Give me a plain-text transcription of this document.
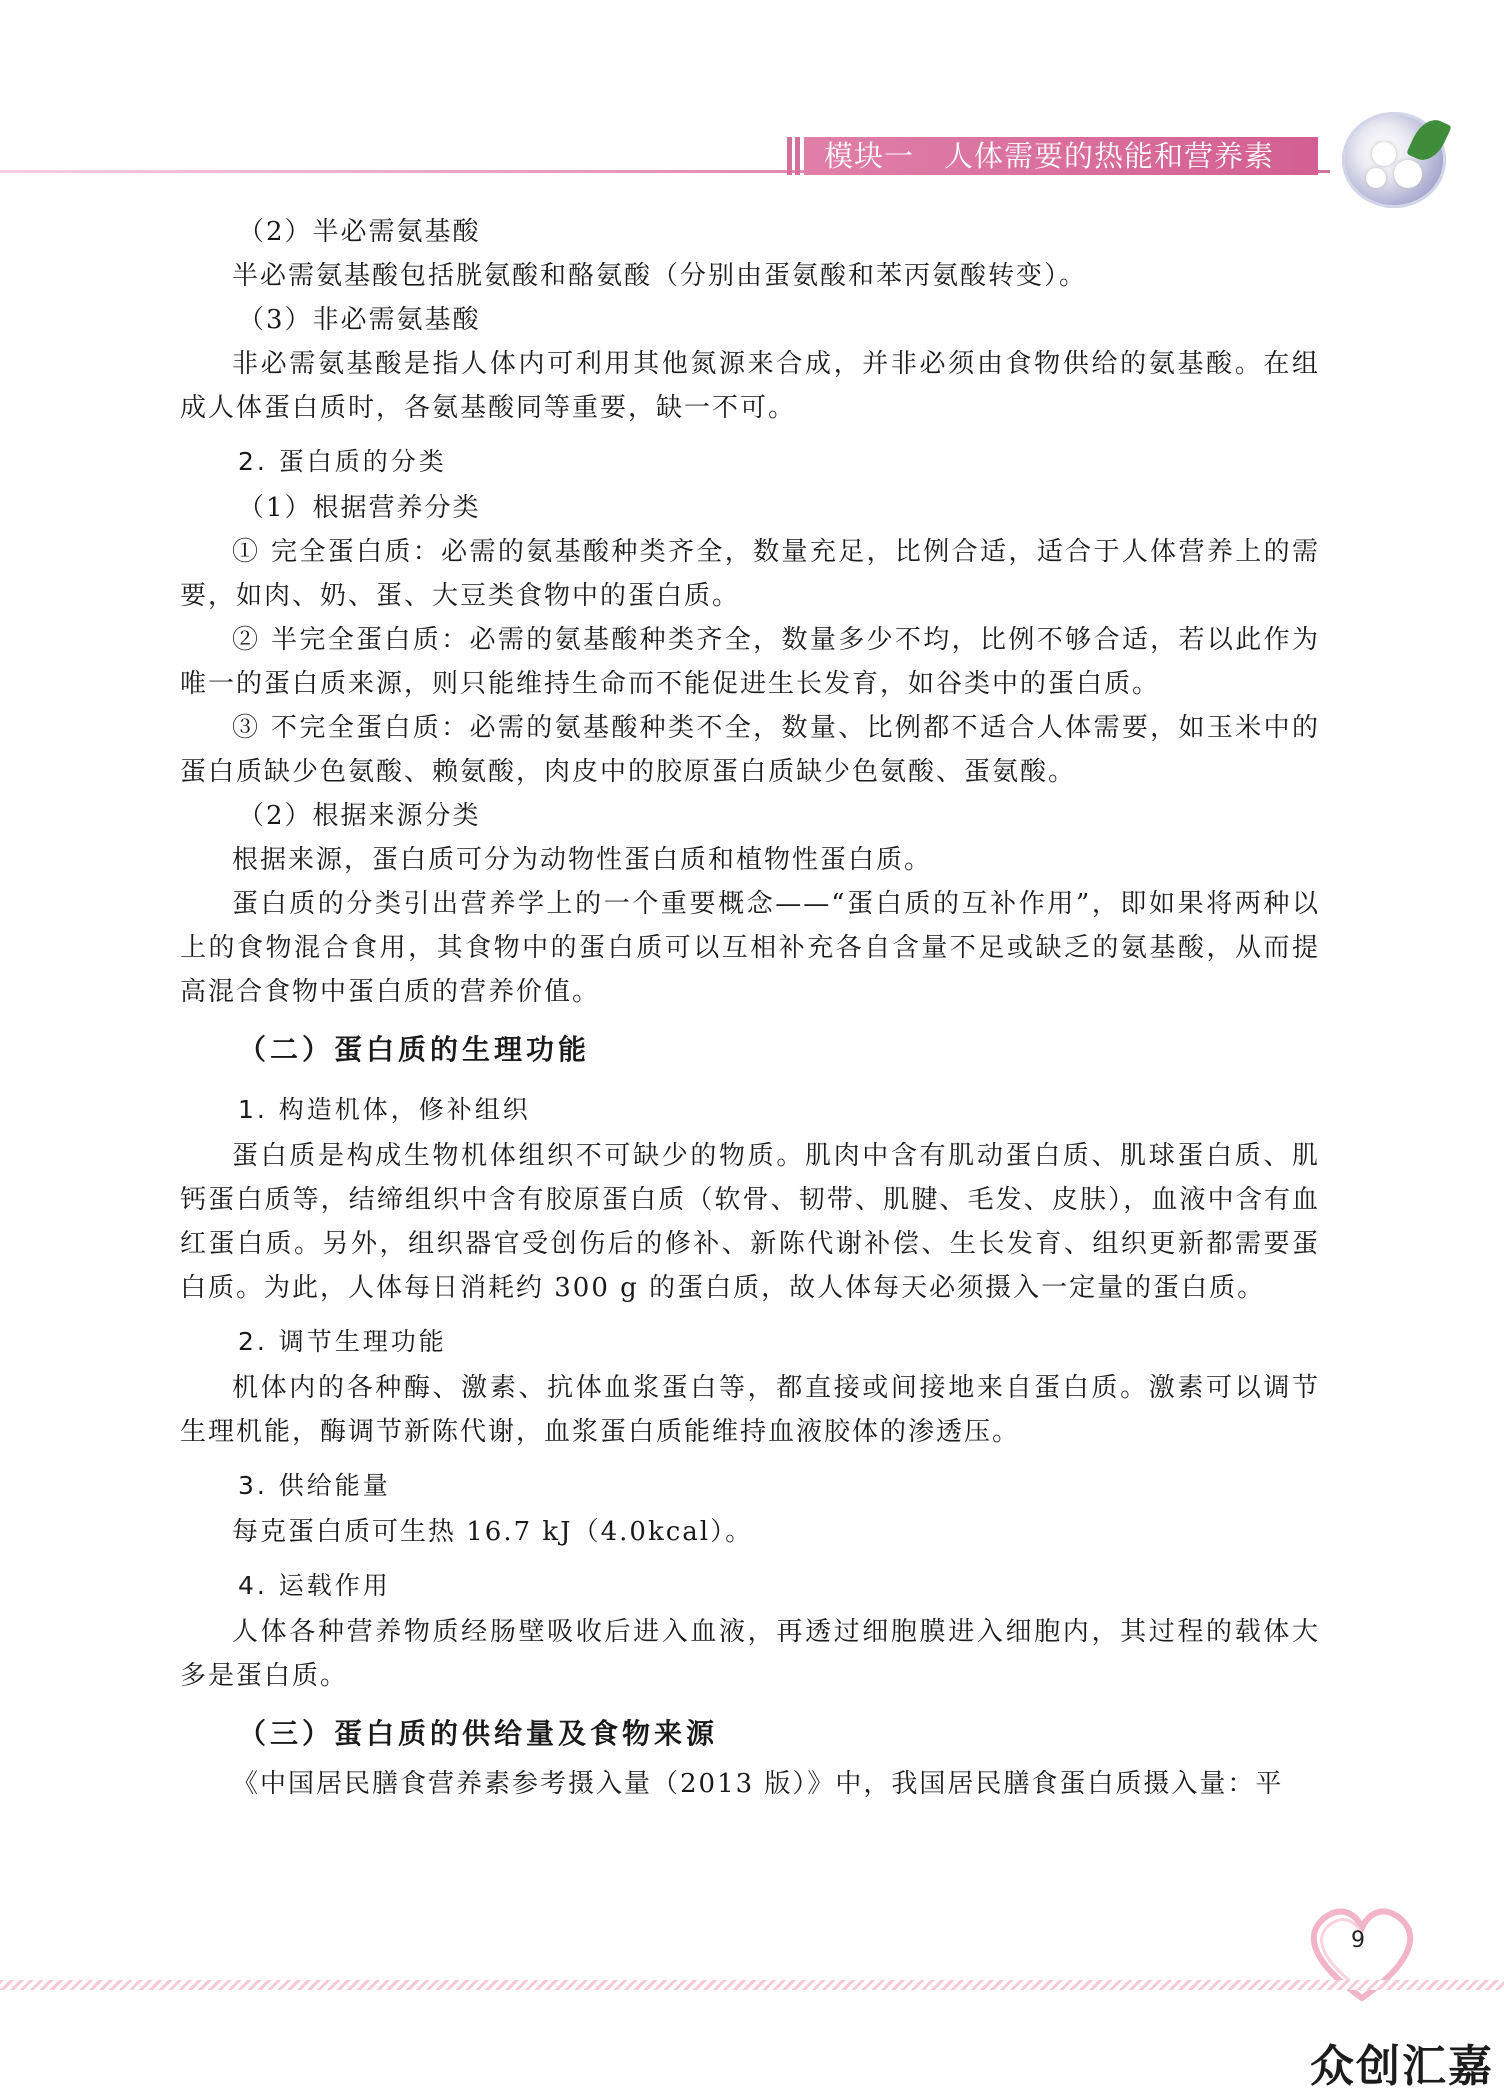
模块一　人体需要的热能和营养素

（2）半必需氨基酸

半必需氨基酸包括胱氨酸和酪氨酸（分别由蛋氨酸和苯丙氨酸转变）。

（3）非必需氨基酸

非必需氨基酸是指人体内可利用其他氮源来合成，并非必须由食物供给的氨基酸。在组成人体蛋白质时，各氨基酸同等重要，缺一不可。

2. 蛋白质的分类

（1）根据营养分类

① 完全蛋白质：必需的氨基酸种类齐全，数量充足，比例合适，适合于人体营养上的需要，如肉、奶、蛋、大豆类食物中的蛋白质。

② 半完全蛋白质：必需的氨基酸种类齐全，数量多少不均，比例不够合适，若以此作为唯一的蛋白质来源，则只能维持生命而不能促进生长发育，如谷类中的蛋白质。

③ 不完全蛋白质：必需的氨基酸种类不全，数量、比例都不适合人体需要，如玉米中的蛋白质缺少色氨酸、赖氨酸，肉皮中的胶原蛋白质缺少色氨酸、蛋氨酸。

（2）根据来源分类

根据来源，蛋白质可分为动物性蛋白质和植物性蛋白质。

蛋白质的分类引出营养学上的一个重要概念——“蛋白质的互补作用”，即如果将两种以上的食物混合食用，其食物中的蛋白质可以互相补充各自含量不足或缺乏的氨基酸，从而提高混合食物中蛋白质的营养价值。

（二）蛋白质的生理功能

1. 构造机体，修补组织

蛋白质是构成生物机体组织不可缺少的物质。肌肉中含有肌动蛋白质、肌球蛋白质、肌钙蛋白质等，结缔组织中含有胶原蛋白质（软骨、韧带、肌腱、毛发、皮肤），血液中含有血红蛋白质。另外，组织器官受创伤后的修补、新陈代谢补偿、生长发育、组织更新都需要蛋白质。为此，人体每日消耗约 300 g 的蛋白质，故人体每天必须摄入一定量的蛋白质。

2. 调节生理功能

机体内的各种酶、激素、抗体血浆蛋白等，都直接或间接地来自蛋白质。激素可以调节生理机能，酶调节新陈代谢，血浆蛋白质能维持血液胶体的渗透压。

3. 供给能量

每克蛋白质可生热 16.7 kJ（4.0kcal）。

4. 运载作用

人体各种营养物质经肠壁吸收后进入血液，再透过细胞膜进入细胞内，其过程的载体大多是蛋白质。

（三）蛋白质的供给量及食物来源

《中国居民膳食营养素参考摄入量（2013 版）》中，我国居民膳食蛋白质摄入量：平

9
众创汇嘉
